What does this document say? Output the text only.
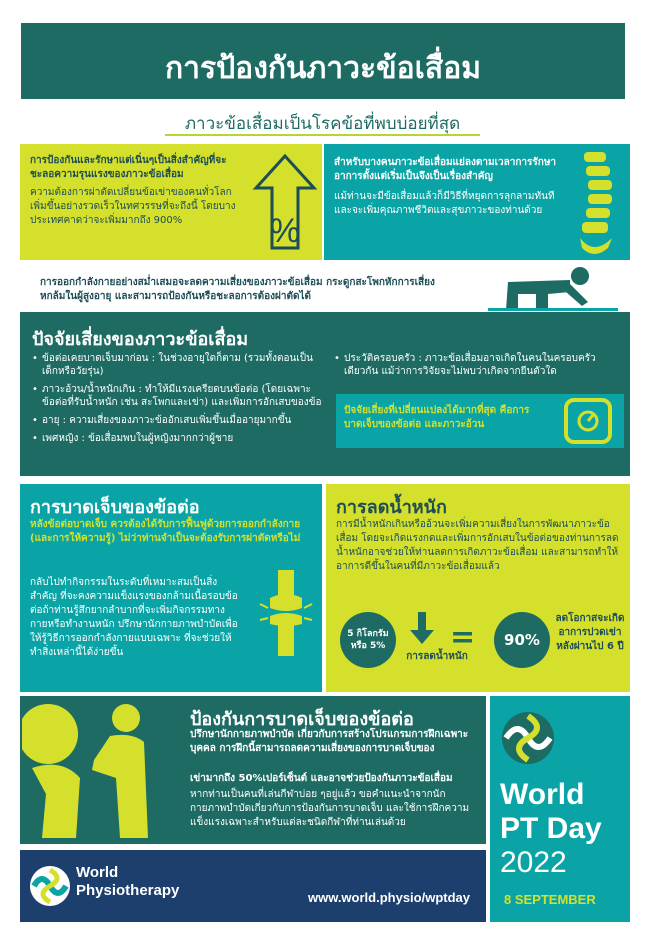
การป้องกันภาวะข้อเสื่อม
ภาวะข้อเสื่อมเป็นโรคข้อที่พบบ่อยที่สุด
การป้องกันและรักษาแต่เนิ่นๆเป็นสิ่งสำคัญที่จะชะลอความรุนแรงของภาวะข้อเสื่อม
ความต้องการผ่าตัดเปลี่ยนข้อเข่าของคนทั่วโลกเพิ่มขึ้นอย่างรวดเร็วในทศวรรษที่จะถึงนี้ โดยบางประเทศคาดว่าจะเพิ่มมากถึง 900%	%
สำหรับบางคนภาวะข้อเสื่อมแย่ลงตามเวลาการรักษาอาการตั้งแต่เริ่มเป็นจึงเป็นเรื่องสำคัญ
แม้ท่านจะมีข้อเสื่อมแล้วก็มีวิธีที่หยุดการลุกลามทันที และจะเพิ่มคุณภาพชีวิตและสุขภาวะของท่านด้วย
การออกกำลังกายอย่างสม่ำเสมอจะลดความเสี่ยงของภาวะข้อเสื่อม กระดูกสะโพกหักการเสี่ยงหกล้มในผู้สูงอายุ และสามารถป้องกันหรือชะลอการต้องผ่าตัดได้
ปัจจัยเสี่ยงของภาวะข้อเสื่อม
• ข้อต่อเคยบาดเจ็บมาก่อน : ในช่วงอายุใดก็ตาม (รวมทั้งตอนเป็นเด็กหรือวัยรุ่น)
• ภาวะอ้วน/น้ำหนักเกิน : ทำให้มีแรงเครียดบนข้อต่อ (โดยเฉพาะข้อต่อที่รับน้ำหนัก เช่น สะโพกและเข่า) และเพิ่มการอักเสบของข้อ
• อายุ : ความเสี่ยงของภาวะข้ออักเสบเพิ่มขึ้นเมื่ออายุมากขึ้น
• เพศหญิง : ข้อเสื่อมพบในผู้หญิงมากกว่าผู้ชาย
• ประวัติครอบครัว : ภาวะข้อเสื่อมอาจเกิดในคนในครอบครัวเดียวกัน แม้ว่าการวิจัยจะไม่พบว่าเกิดจากยีนตัวใด
ปัจจัยเสี่ยงที่เปลี่ยนแปลงได้มากที่สุด คือการบาดเจ็บของข้อต่อ และภาวะอ้วน
การบาดเจ็บของข้อต่อ
หลังข้อต่อบาดเจ็บ ควรต้องได้รับการฟื้นฟูด้วยการออกกำลังกาย (และการให้ความรู้) ไม่ว่าท่านจำเป็นจะต้องรับการผ่าตัดหรือไม่
กลับไปทำกิจกรรมในระดับที่เหมาะสมเป็นสิ่งสำคัญ ที่จะคงความแข็งแรงของกล้ามเนื้อรอบข้อต่อถ้าท่านรู้สึกยากลำบากที่จะเพิ่มกิจกรรมทางกายหรือทำงานหนัก ปรึกษานักกายภาพบำบัดเพื่อให้รู้วิธีการออกกำลังกายแบบเฉพาะ ที่จะช่วยให้ทำสิ่งเหล่านี้ได้ง่ายขึ้น
การลดน้ำหนัก
การมีน้ำหนักเกินหรืออ้วนจะเพิ่มความเสี่ยงในการพัฒนาภาวะข้อเสื่อม โดยจะเกิดแรงกดและเพิ่มการอักเสบในข้อต่อของท่านการลดน้ำหนักอาจช่วยให้ท่านลดการเกิดภาวะข้อเสื่อม และสามารถทำให้อาการดีขึ้นในคนที่มีภาวะข้อเสื่อมแล้ว
5 กิโลกรัม หรือ 5%
การลดน้ำหนัก
= 90%
ลดโอกาสจะเกิดอาการปวดเข่าหลังผ่านไป 6 ปี
ป้องกันการบาดเจ็บของข้อต่อ
ปรึกษานักกายภาพบำบัด เกี่ยวกับการสร้างโปรแกรมการฝึกเฉพาะบุคคล การฝึกนี้สามารถลดความเสี่ยงของการบาดเจ็บของ
เข่ามากถึง 50%เปอร์เซ็นต์ และอาจช่วยป้องกันภาวะข้อเสื่อม
หากท่านเป็นคนที่เล่นกีฬาบ่อย ๆอยู่แล้ว ขอคำแนะนำจากนักกายภาพบำบัดเกี่ยวกับการป้องกันการบาดเจ็บ และใช้การฝึกความแข็งแรงเฉพาะสำหรับแต่ละชนิดกีฬาที่ท่านเล่นด้วย
World
Physiotherapy	www.world.physio/wptday
World
PT Day
2022
8 SEPTEMBER
